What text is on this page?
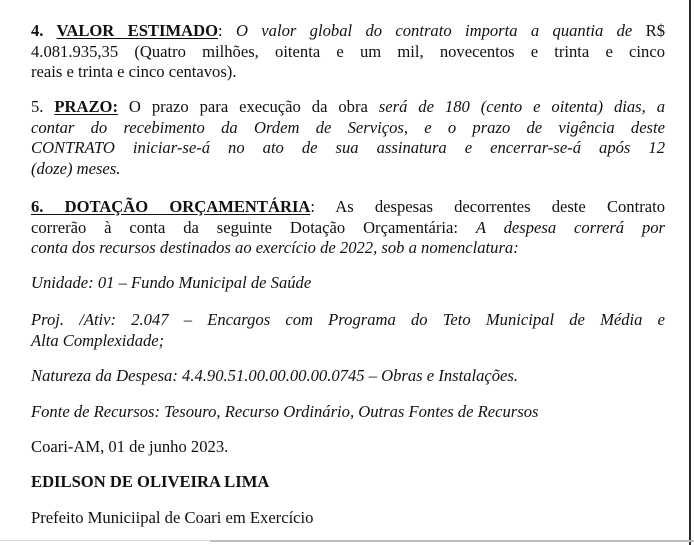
4. VALOR ESTIMADO: O valor global do contrato importa a quantia de R$
4.081.935,35 (Quatro milhões, oitenta e um mil, novecentos e trinta e cinco
reais e trinta e cinco centavos).
5. PRAZO: O prazo para execução da obra será de 180 (cento e oitenta) dias, a
contar do recebimento da Ordem de Serviços, e o prazo de vigência deste
CONTRATO iniciar-se-á no ato de sua assinatura e encerrar-se-á após 12
(doze) meses.
6. DOTAÇÃO ORÇAMENTÁRIA: As despesas decorrentes deste Contrato
correrão à conta da seguinte Dotação Orçamentária: A despesa correrá por
conta dos recursos destinados ao exercício de 2022, sob a nomenclatura:
Unidade: 01 – Fundo Municipal de Saúde
Proj. /Ativ: 2.047 – Encargos com Programa do Teto Municipal de Média e
Alta Complexidade;
Natureza da Despesa: 4.4.90.51.00.00.00.00.0745 – Obras e Instalações.
Fonte de Recursos: Tesouro, Recurso Ordinário, Outras Fontes de Recursos
Coari-AM, 01 de junho 2023.
EDILSON DE OLIVEIRA LIMA
Prefeito Municiipal de Coari em Exercício
